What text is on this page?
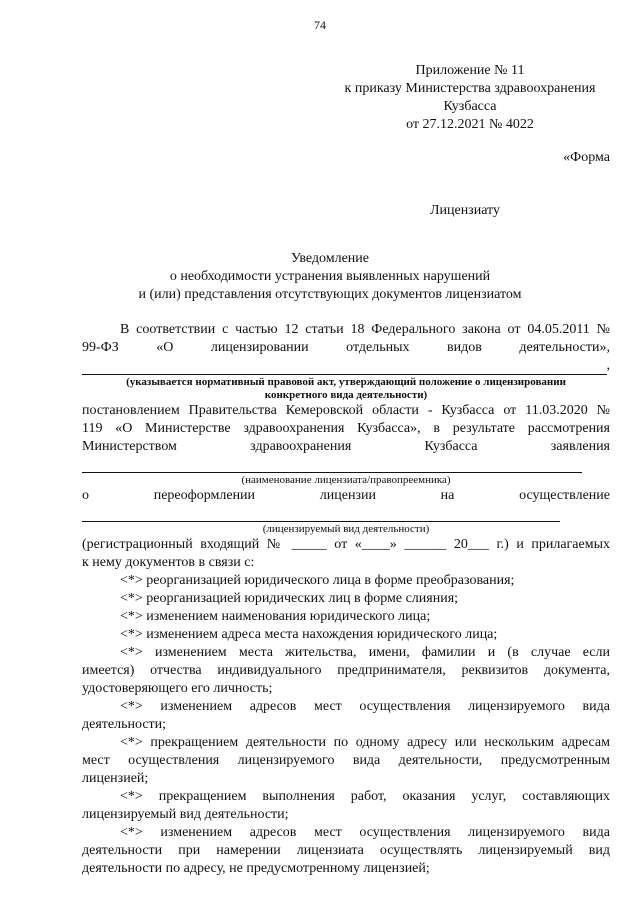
74
Приложение № 11
к приказу Министерства здравоохранения
Кузбасса
от 27.12.2021 № 4022
«Форма
Лицензиату
Уведомление
о необходимости устранения выявленных нарушений
и (или) представления отсутствующих документов лицензиатом

В соответствии с частью 12 статьи 18 Федерального закона от 04.05.2011 №

99-ФЗ «О лицензировании отдельных видов деятельности»,

,

(указывается нормативный правовой акт, утверждающий положение о лицензировании
конкретного вида деятельности)

постановлением Правительства Кемеровской области - Кузбасса от 11.03.2020 №

119 «О Министерстве здравоохранения Кузбасса», в результате рассмотрения

Министерством здравоохранения Кузбасса заявления

(наименование лицензиата/правопреемника)

о переоформлении лицензии на осуществление

(лицензируемый вид деятельности)

(регистрационный входящий № _____ от «____» ______ 20___ г.) и прилагаемых

к нему документов в связи с:

<*> реорганизацией юридического лица в форме преобразования;

<*> реорганизацией юридических лиц в форме слияния;

<*> изменением наименования юридического лица;

<*> изменением адреса места нахождения юридического лица;

<*> изменением места жительства, имени, фамилии и (в случае если

имеется) отчества индивидуального предпринимателя, реквизитов документа,

удостоверяющего его личность;

<*> изменением адресов мест осуществления лицензируемого вида

деятельности;

<*> прекращением деятельности по одному адресу или нескольким адресам

мест осуществления лицензируемого вида деятельности, предусмотренным

лицензией;

<*> прекращением выполнения работ, оказания услуг, составляющих

лицензируемый вид деятельности;

<*> изменением адресов мест осуществления лицензируемого вида

деятельности при намерении лицензиата осуществлять лицензируемый вид

деятельности по адресу, не предусмотренному лицензией;
